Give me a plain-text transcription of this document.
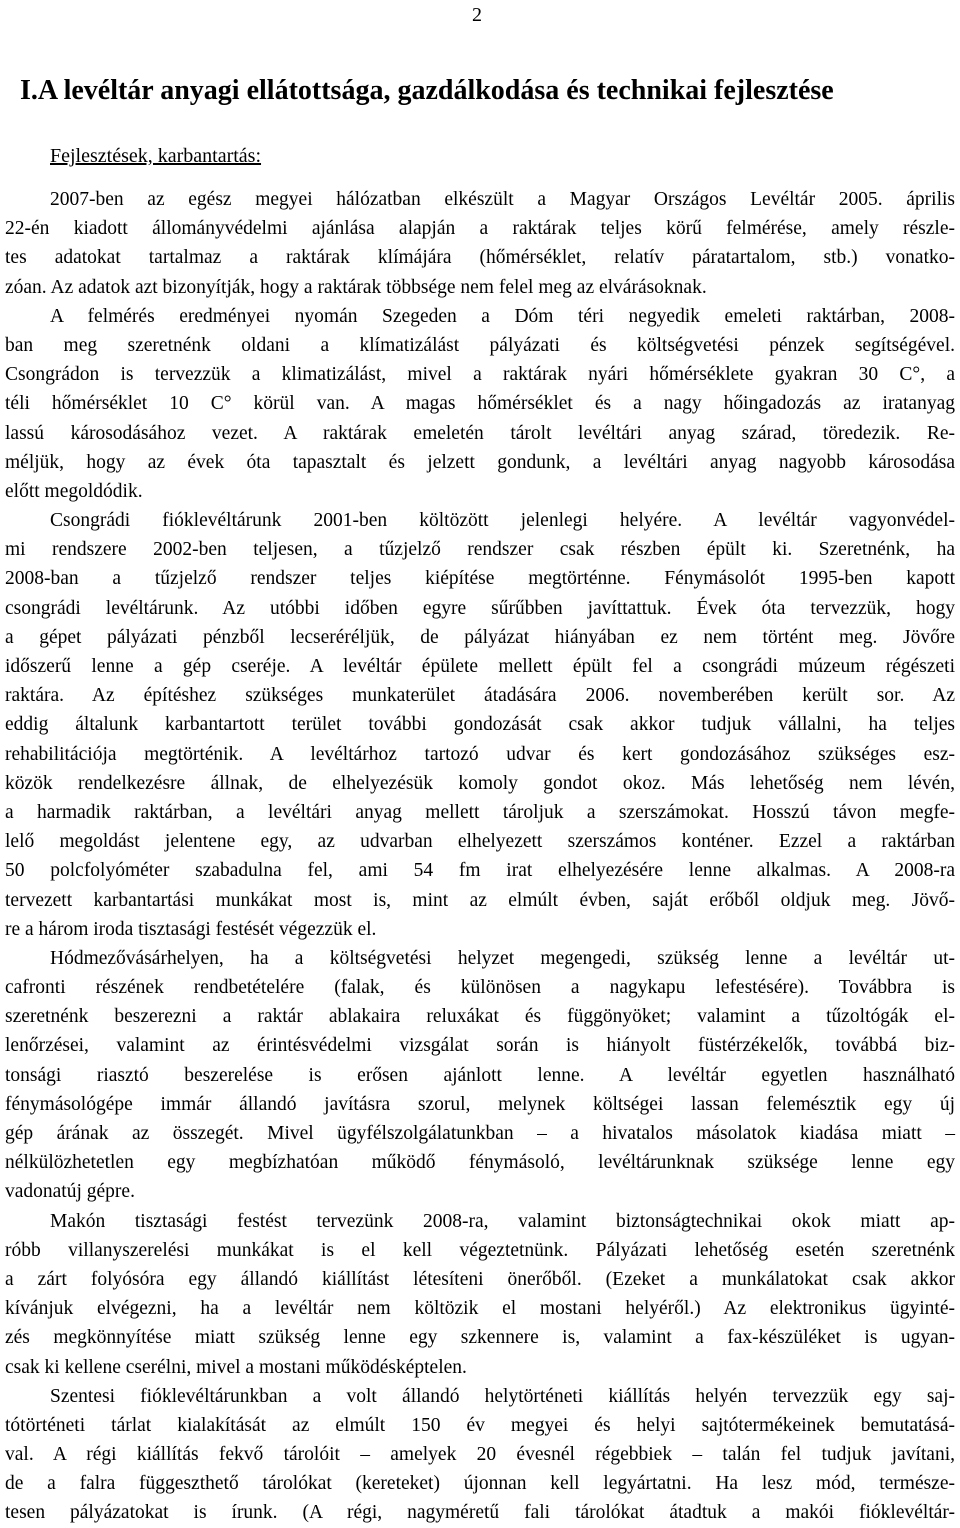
2
I.A levéltár anyagi ellátottsága, gazdálkodása és technikai fejlesztése
Fejlesztések, karbantartás:
2007-ben az egész megyei hálózatban elkészült a Magyar Országos Levéltár 2005. április
22-én kiadott állományvédelmi ajánlása alapján a raktárak teljes körű felmérése, amely részle-
tes adatokat tartalmaz a raktárak klímájára (hőmérséklet, relatív páratartalom, stb.) vonatko-
zóan. Az adatok azt bizonyítják, hogy a raktárak többsége nem felel meg az elvárásoknak.
A felmérés eredményei nyomán Szegeden a Dóm téri negyedik emeleti raktárban, 2008-
ban meg szeretnénk oldani a klímatizálást pályázati és költségvetési pénzek segítségével.
Csongrádon is tervezzük a klimatizálást, mivel a raktárak nyári hőmérséklete gyakran 30 C°, a
téli hőmérséklet 10 C° körül van. A magas hőmérséklet és a nagy hőingadozás az iratanyag
lassú károsodásához vezet. A raktárak emeletén tárolt levéltári anyag szárad, töredezik. Re-
méljük, hogy az évek óta tapasztalt és jelzett gondunk, a levéltári anyag nagyobb károsodása
előtt megoldódik.
Csongrádi fióklevéltárunk 2001-ben költözött jelenlegi helyére. A levéltár vagyonvédel-
mi rendszere 2002-ben teljesen, a tűzjelző rendszer csak részben épült ki. Szeretnénk, ha
2008-ban a tűzjelző rendszer teljes kiépítése megtörténne. Fénymásolót 1995-ben kapott
csongrádi levéltárunk. Az utóbbi időben egyre sűrűbben javíttattuk. Évek óta tervezzük, hogy
a gépet pályázati pénzből lecseréréljük, de pályázat hiányában ez nem történt meg. Jövőre
időszerű lenne a gép cseréje. A levéltár épülete mellett épült fel a csongrádi múzeum régészeti
raktára. Az építéshez szükséges munkaterület átadására 2006. novemberében került sor. Az
eddig általunk karbantartott terület további gondozását csak akkor tudjuk vállalni, ha teljes
rehabilitációja megtörténik. A levéltárhoz tartozó udvar és kert gondozásához szükséges esz-
közök rendelkezésre állnak, de elhelyezésük komoly gondot okoz. Más lehetőség nem lévén,
a harmadik raktárban, a levéltári anyag mellett tároljuk a szerszámokat. Hosszú távon megfe-
lelő megoldást jelentene egy, az udvarban elhelyezett szerszámos konténer. Ezzel a raktárban
50 polcfolyóméter szabadulna fel, ami 54 fm irat elhelyezésére lenne alkalmas. A 2008-ra
tervezett karbantartási munkákat most is, mint az elmúlt évben, saját erőből oldjuk meg. Jövő-
re a három iroda tisztasági festését végezzük el.
Hódmezővásárhelyen, ha a költségvetési helyzet megengedi, szükség lenne a levéltár ut-
cafronti részének rendbetételére (falak, és különösen a nagykapu lefestésére). Továbbra is
szeretnénk beszerezni a raktár ablakaira reluxákat és függönyöket; valamint a tűzoltógák el-
lenőrzései, valamint az érintésvédelmi vizsgálat során is hiányolt füstérzékelők, továbbá biz-
tonsági riasztó beszerelése is erősen ajánlott lenne. A levéltár egyetlen használható
fénymásológépe immár állandó javításra szorul, melynek költségei lassan felemésztik egy új
gép árának az összegét. Mivel ügyfélszolgálatunkban – a hivatalos másolatok kiadása miatt –
nélkülözhetetlen egy megbízhatóan működő fénymásoló, levéltárunknak szüksége lenne egy
vadonatúj gépre.
Makón tisztasági festést tervezünk 2008-ra, valamint biztonságtechnikai okok miatt ap-
róbb villanyszerelési munkákat is el kell végeztetnünk. Pályázati lehetőség esetén szeretnénk
a zárt folyósóra egy állandó kiállítást létesíteni önerőből. (Ezeket a munkálatokat csak akkor
kívánjuk elvégezni, ha a levéltár nem költözik el mostani helyéről.) Az elektronikus ügyinté-
zés megkönnyítése miatt szükség lenne egy szkennere is, valamint a fax-készüléket is ugyan-
csak ki kellene cserélni, mivel a mostani működésképtelen.
Szentesi fióklevéltárunkban a volt állandó helytörténeti kiállítás helyén tervezzük egy saj-
tótörténeti tárlat kialakítását az elmúlt 150 év megyei és helyi sajtótermékeinek bemutatásá-
val. A régi kiállítás fekvő tárolóit – amelyek 20 évesnél régebbiek – talán fel tudjuk javítani,
de a falra függeszthető tárolókat (kereteket) újonnan kell legyártatni. Ha lesz mód, természe-
tesen pályázatokat is írunk. (A régi, nagyméretű fali tárolókat átadtuk a makói fióklevéltár-
